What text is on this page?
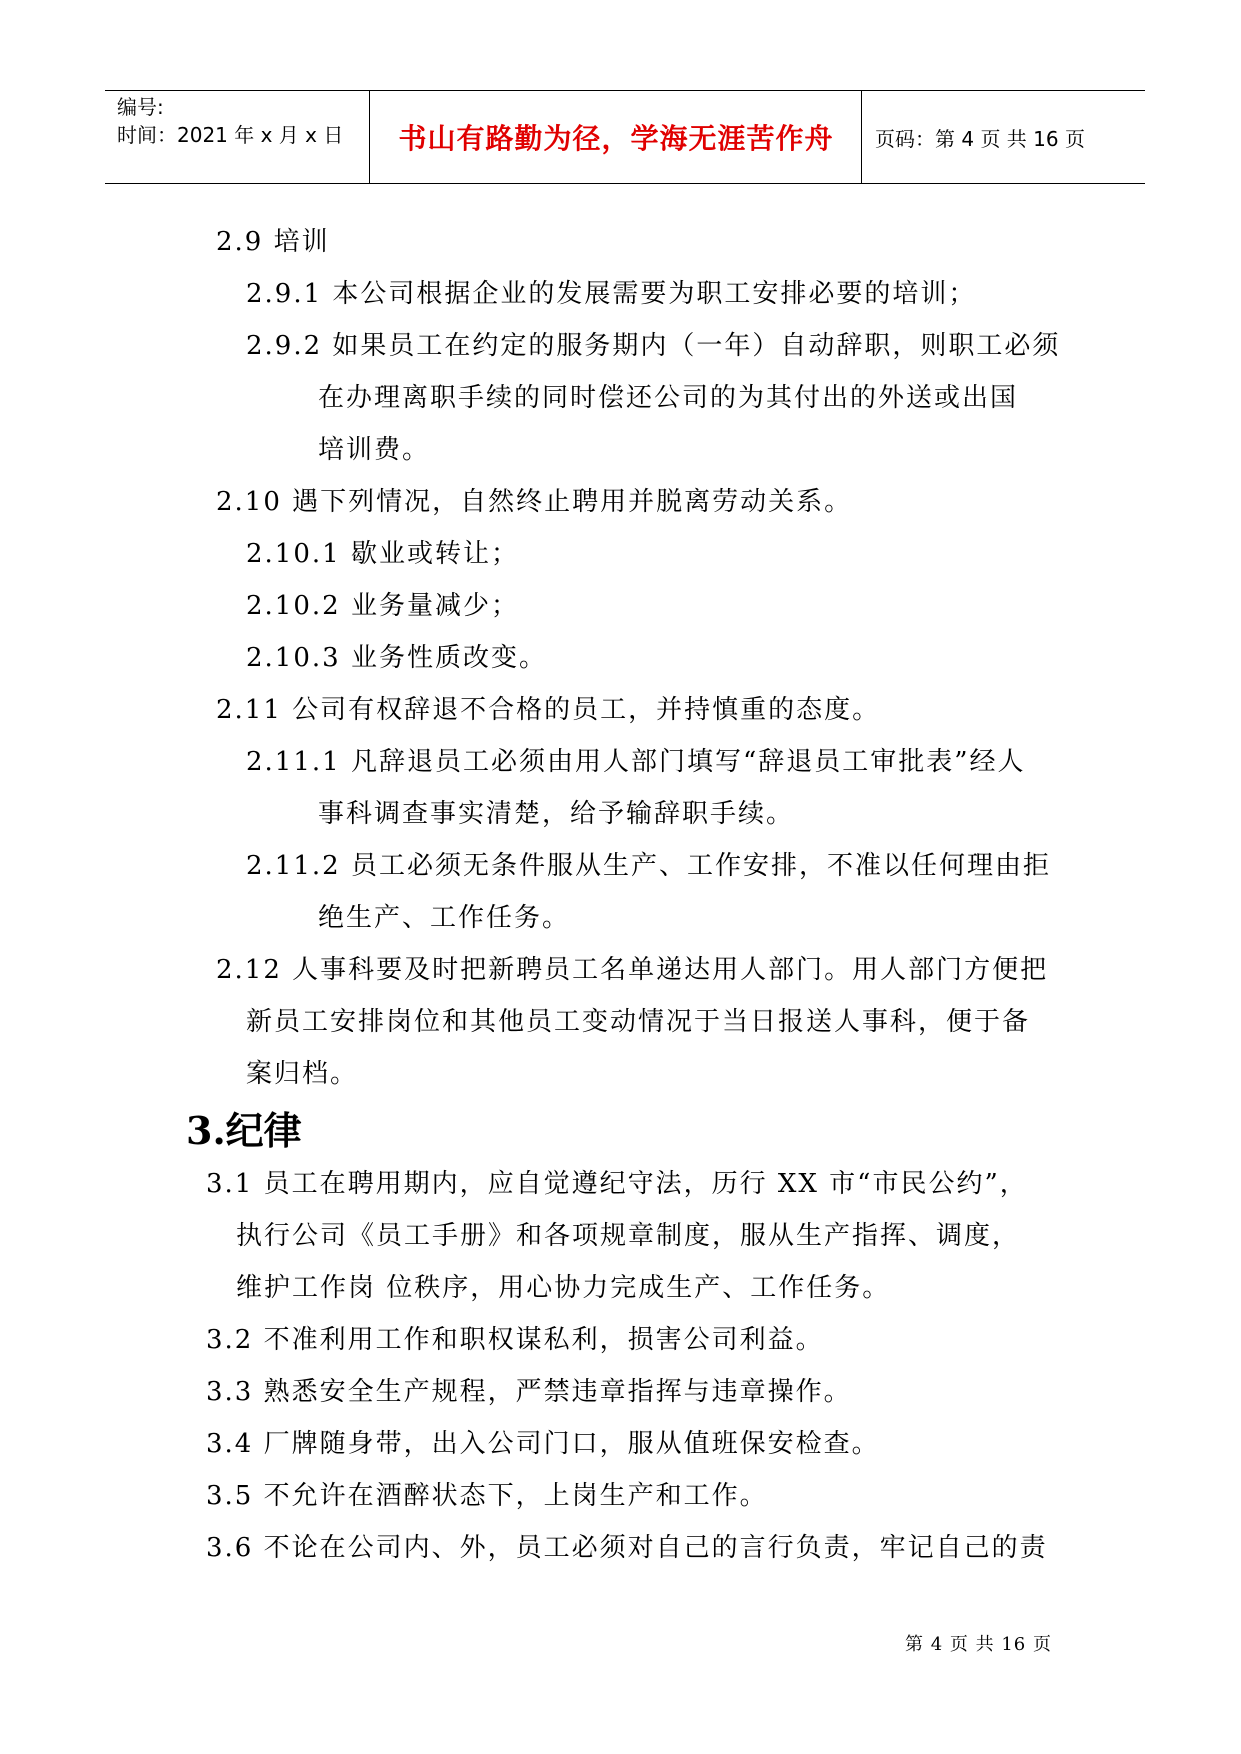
编号:
时间：2021 年 x 月 x 日	书山有路勤为径，学海无涯苦作舟	页码：第 4 页 共 16 页
2.9 培训
2.9.1 本公司根据企业的发展需要为职工安排必要的培训；
2.9.2 如果员工在约定的服务期内（一年）自动辞职，则职工必须
在办理离职手续的同时偿还公司的为其付出的外送或出国
培训费。
2.10 遇下列情况，自然终止聘用并脱离劳动关系。
2.10.1 歇业或转让；
2.10.2 业务量减少；
2.10.3 业务性质改变。
2.11 公司有权辞退不合格的员工，并持慎重的态度。
2.11.1 凡辞退员工必须由用人部门填写“辞退员工审批表”经人
事科调查事实清楚，给予输辞职手续。
2.11.2 员工必须无条件服从生产、工作安排，不准以任何理由拒
绝生产、工作任务。
2.12 人事科要及时把新聘员工名单递达用人部门。用人部门方便把
新员工安排岗位和其他员工变动情况于当日报送人事科，便于备
案归档。
3.纪律
3.1 员工在聘用期内，应自觉遵纪守法，历行 XX 市“市民公约”，
执行公司《员工手册》和各项规章制度，服从生产指挥、调度，
维护工作岗 位秩序，用心协力完成生产、工作任务。
3.2 不准利用工作和职权谋私利，损害公司利益。
3.3 熟悉安全生产规程，严禁违章指挥与违章操作。
3.4 厂牌随身带，出入公司门口，服从值班保安检查。
3.5 不允许在酒醉状态下，上岗生产和工作。
3.6 不论在公司内、外，员工必须对自己的言行负责，牢记自己的责
第 4 页 共 16 页
